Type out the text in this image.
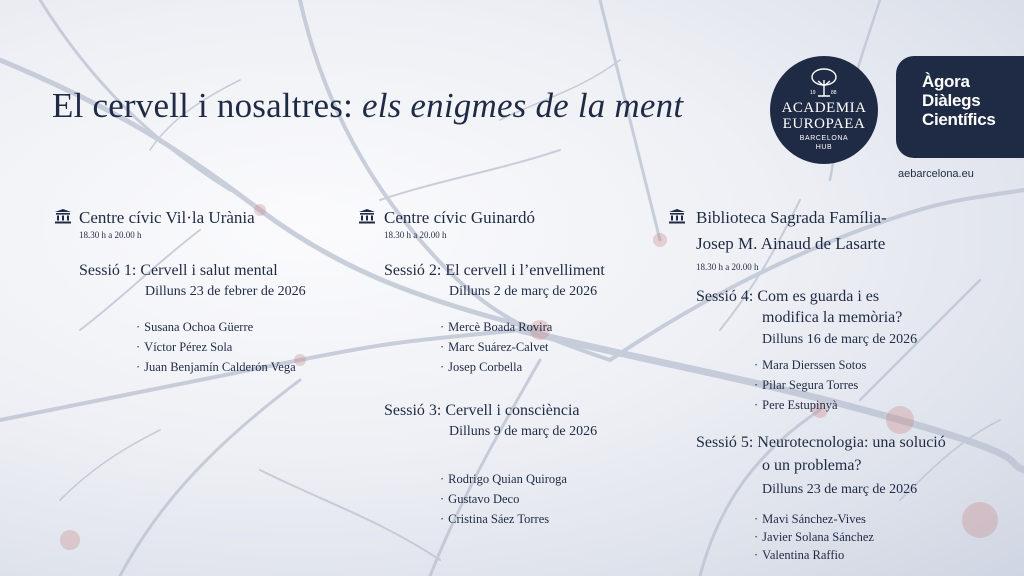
El cervell i nosaltres: els enigmes de la ment	19	88
ACADEMIA
EUROPAEA
BARCELONA
HUB
Àgora
Diàlegs
Científics
aebarcelona.eu
Centre cívic Vil·la Urània
18.30 h a 20.00 h
Sessió 1: Cervell i salut mental
Dilluns 23 de febrer de 2026
· Susana Ochoa Güerre
· Víctor Pérez Sola
· Juan Benjamín Calderón Vega
Centre cívic Guinardó
18.30 h a 20.00 h
Sessió 2: El cervell i l’envelliment
Dilluns 2 de març de 2026
· Mercè Boada Rovira
· Marc Suárez-Calvet
· Josep Corbella
Sessió 3: Cervell i consciència
Dilluns 9 de març de 2026
· Rodrigo Quian Quiroga
· Gustavo Deco
· Cristina Sáez Torres
Biblioteca Sagrada Família-
Josep M. Ainaud de Lasarte
18.30 h a 20.00 h
Sessió 4: Com es guarda i es
modifica la memòria?
Dilluns 16 de març de 2026
· Mara Dierssen Sotos
· Pilar Segura Torres
· Pere Estupinyà
Sessió 5: Neurotecnologia: una solució
o un problema?
Dilluns 23 de març de 2026
· Mavi Sánchez-Vives
· Javier Solana Sánchez
· Valentina Raffio
